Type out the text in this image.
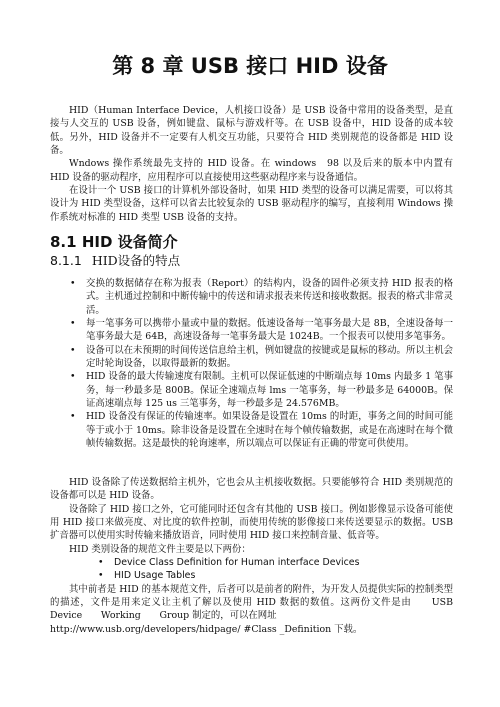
第 8 章 USB 接口 HID 设备

HID（Human Interface Device，人机接口设备）是 USB 设备中常用的设备类型，是直接与人交互的 USB 设备，例如键盘、鼠标与游戏杆等。在 USB 设备中，HID 设备的成本较低。另外，HID 设备并不一定要有人机交互功能，只要符合 HID 类别规范的设备都是 HID 设备。

Wndows 操作系统最先支持的 HID 设备。在 windows　98 以及后来的版本中内置有 HID 设备的驱动程序，应用程序可以直接使用这些驱动程序来与设备通信。

在设计一个 USB 接口的计算机外部设备时，如果 HID 类型的设备可以满足需要，可以将其设计为 HID 类型设备，这样可以省去比较复杂的 USB 驱动程序的编写，直接利用 Windows 操作系统对标准的 HID 类型 USB 设备的支持。

8.1 HID 设备简介
8.1.1 HID设备的特点
• 交换的数据储存在称为报表（Report）的结构内，设备的固件必须支持 HID 报表的格式。主机通过控制和中断传输中的传送和请求报表来传送和接收数据。报表的格式非常灵活。
• 每一笔事务可以携带小量或中量的数据。低速设备每一笔事务最大是 8B，全速设备每一笔事务最大是 64B，高速设备每一笔事务最大是 1024B。一个报表可以使用多笔事务。
• 设备可以在未预期的时间传送信息给主机，例如键盘的按键或是鼠标的移动。所以主机会定时轮询设备，以取得最新的数据。
• HID 设备的最大传输速度有限制。主机可以保证低速的中断端点每 10ms 内最多 1 笔事务，每一秒最多是 800B。保证全速端点每 lms 一笔事务，每一秒最多是 64000B。保证高速端点每 125 us 三笔事务，每一秒最多是 24.576MB。
• HID 设备没有保证的传输速率。如果设备是设置在 10ms 的时距，事务之间的时间可能等于或小于 10ms。除非设备是设置在全速时在每个帧传输数据，或是在高速时在每个微帧传输数据。这是最快的轮询速率，所以端点可以保证有正确的带宽可供使用。

HID 设备除了传送数据给主机外，它也会从主机接收数据。只要能够符合 HID 类别规范的设备都可以是 HID 设备。

设备除了 HID 接口之外，它可能同时还包含有其他的 USB 接口。例如影像显示设备可能使用 HID 接口来做亮度、对比度的软件控制，而使用传统的影像接口来传送要显示的数据。USB 扩音器可以使用实时传输来播放语音，同时使用 HID 接口来控制音量、低音等。

HID 类别设备的规范文件主要是以下两份：

• Device Class Definition for Human interface Devices
• HID Usage Tables

其中前者是 HID 的基本规范文件，后者可以是前者的附件，为开发人员提供实际的控制类型的描述，文件是用来定义让主机了解以及使用 HID 数据的数值。这两份文件是由　　USB　　Device　　Working　　Group 制定的，可以在网址

http://www.usb.org/developers/hidpage/ #Class _Definition 下载。
